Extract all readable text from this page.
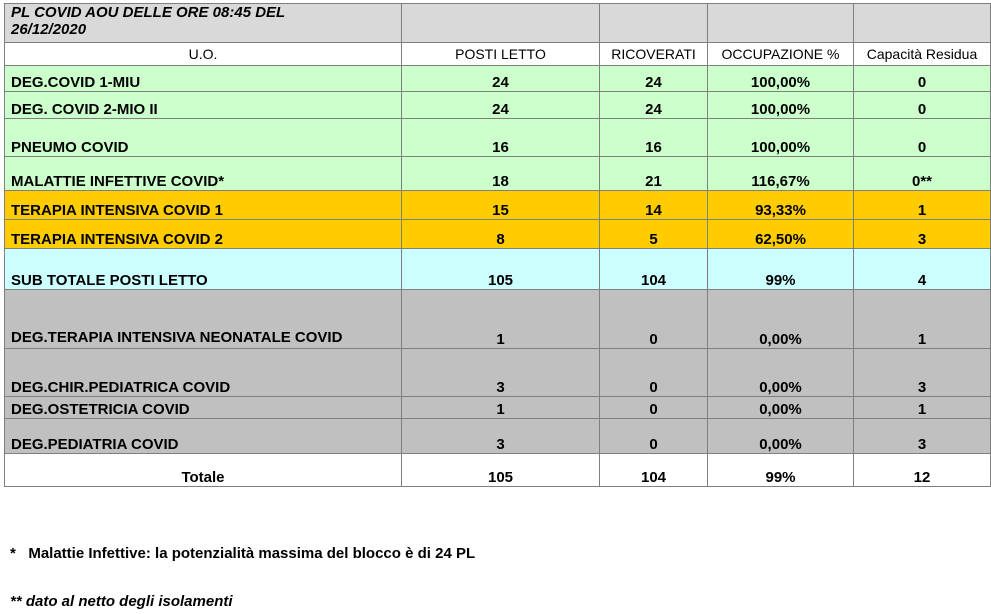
PL COVID AOU DELLE ORE 08:45 DEL
26/12/2020				

U.O.	POSTI LETTO	RICOVERATI	OCCUPAZIONE %	Capacità Residua
DEG.COVID 1-MIU	24	24	100,00%	0
DEG. COVID 2-MIO II	24	24	100,00%	0
PNEUMO COVID	16	16	100,00%	0
MALATTIE INFETTIVE COVID*	18	21	116,67%	0**
TERAPIA INTENSIVA COVID 1	15	14	93,33%	1
TERAPIA INTENSIVA COVID 2	8	5	62,50%	3
SUB TOTALE POSTI LETTO	105	104	99%	4
DEG.TERAPIA INTENSIVA NEONATALE COVID	1	0	0,00%	1
DEG.CHIR.PEDIATRICA COVID	3	0	0,00%	3
DEG.OSTETRICIA COVID	1	0	0,00%	1
DEG.PEDIATRIA COVID	3	0	0,00%	3
Totale	105	104	99%	12
*   Malattie Infettive: la potenzialità massima del blocco è di 24 PL
** dato al netto degli isolamenti
